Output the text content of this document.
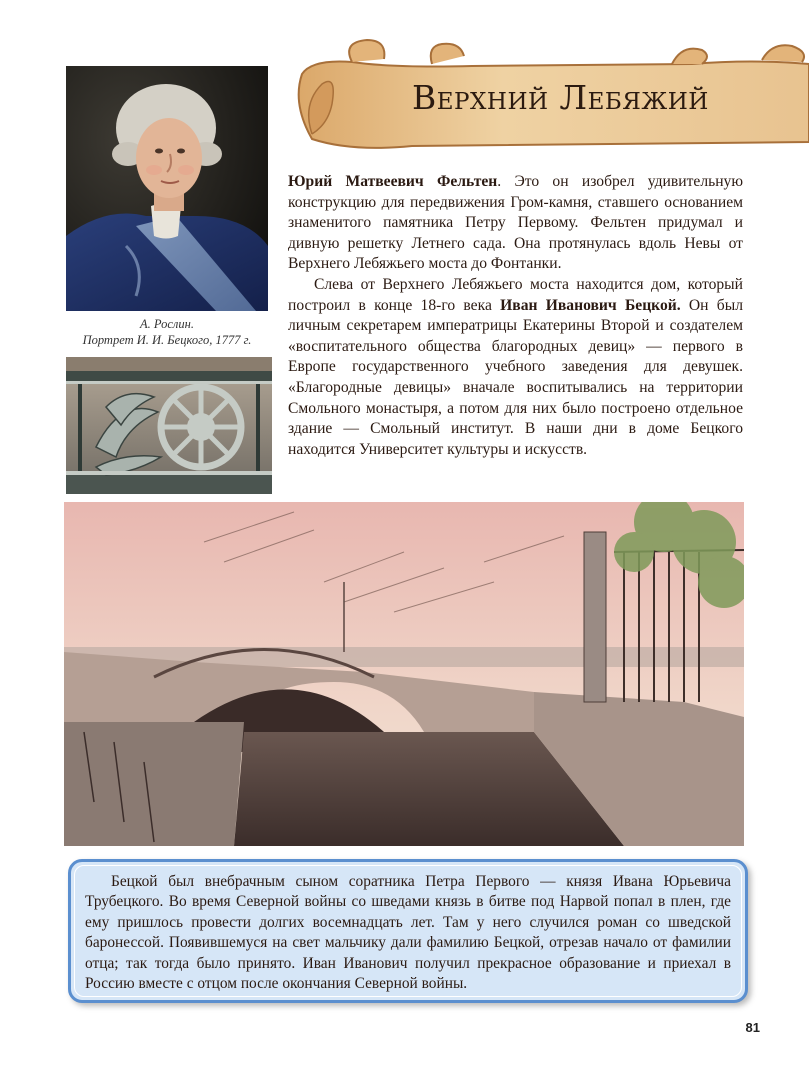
А. Рослин.
Портрет И. И. Бецкого, 1777 г.
Верхний Лебяжий

Юрий Матвеевич Фельтен. Это он изобрел удивительную конструкцию для передвижения Гром-камня, ставшего основанием знаменитого памятника Петру Первому. Фельтен придумал и дивную решетку Летнего сада. Она протянулась вдоль Невы от Верхнего Лебяжьего моста до Фонтанки.

Слева от Верхнего Лебяжьего моста находится дом, который построил в конце 18-го века Иван Иванович Бецкой. Он был личным секретарем императрицы Екатерины Второй и создателем «воспитательного общества благородных девиц» — первого в Европе государственного учебного заведения для девушек. «Благородные девицы» вначале воспитывались на территории Смольного монастыря, а потом для них было построено отдельное здание — Смольный институт. В наши дни в доме Бецкого находится Университет культуры и искусств.

Бецкой был внебрачным сыном соратника Петра Первого — князя Ивана Юрьевича Трубецкого. Во время Северной войны со шведами князь в битве под Нарвой попал в плен, где ему пришлось провести долгих восемнадцать лет. Там у него случился роман со шведской баронессой. Появившемуся на свет мальчику дали фамилию Бецкой, отрезав начало от фамилии отца; так тогда было принято. Иван Иванович получил прекрасное образование и приехал в Россию вместе с отцом после окончания Северной войны.

81
